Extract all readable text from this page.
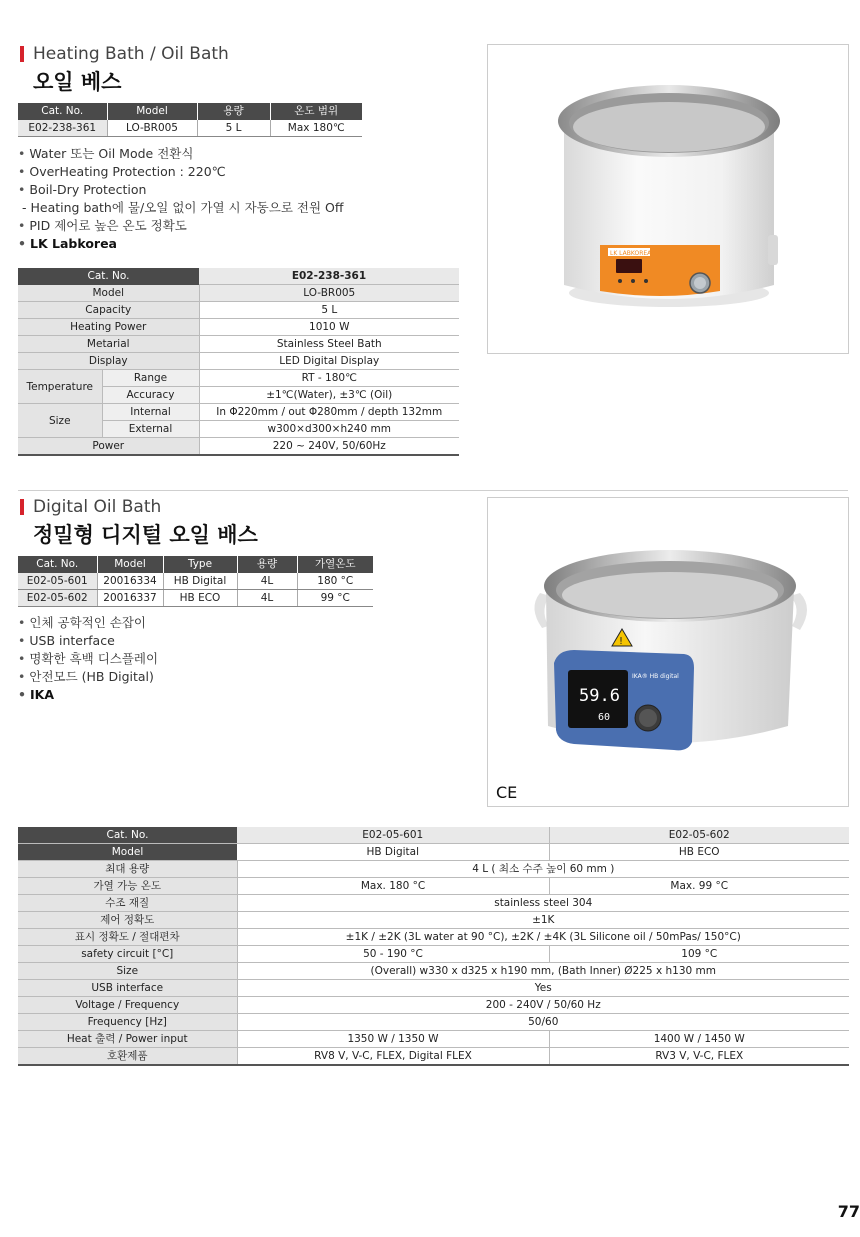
Heating Bath / Oil Bath
오일 베스
Cat. No.	Model	용량	온도 범위
E02-238-361	LO-BR005	5 L	Max 180℃
• Water 또는 Oil Mode 전환식
• OverHeating Protection : 220℃
• Boil-Dry Protection
- Heating bath에 물/오일 없이 가열 시 자동으로 전원 Off
• PID 제어로 높은 온도 정확도
• LK Labkorea
Cat. No.		E02-238-361
Model		LO-BR005
Capacity		5 L
Heating Power		1010 W
Metarial		Stainless Steel Bath
Display		LED Digital Display
Temperature	Range	RT - 180℃
	Accuracy	±1℃(Water), ±3℃ (Oil)
Size	Internal	In Φ220mm / out Φ280mm / depth 132mm
	External	w300×d300×h240 mm
Power		220 ~ 240V, 50/60Hz
LK LABKOREA
Digital Oil Bath
정밀형 디지털 오일 배스
Cat. No.	Model	Type	용량	가열온도
E02-05-601	20016334	HB Digital	4L	180 °C
E02-05-602	20016337	HB ECO	4L	99 °C
• 인체 공학적인 손잡이
• USB interface
• 명확한 흑백 디스플레이
• 안전모드 (HB Digital)
• IKA
!
59.6
60
IKA® HB digital
CE
Cat. No.	E02-05-601	E02-05-602
Model	HB Digital	HB ECO
최대 용량	4 L ( 최소 수주 높이 60 mm )	
가열 가능 온도	Max. 180 °C	Max. 99 °C
수조 재질	stainless steel 304	
제어 정확도	±1K	
표시 정확도 / 절대편차	±1K / ±2K (3L water at 90 °C), ±2K / ±4K (3L Silicone oil / 50mPas/ 150°C)	
safety circuit [°C]	50 - 190 °C	109 °C
Size	(Overall) w330 x d325 x h190 mm, (Bath Inner) Ø225 x h130 mm	
USB interface	Yes	
Voltage / Frequency	200 - 240V / 50/60 Hz	
Frequency [Hz]	50/60	
Heat 출력 / Power input	1350 W / 1350 W	1400 W / 1450 W
호환제품	RV8 V, V-C, FLEX, Digital FLEX	RV3 V, V-C, FLEX
77
